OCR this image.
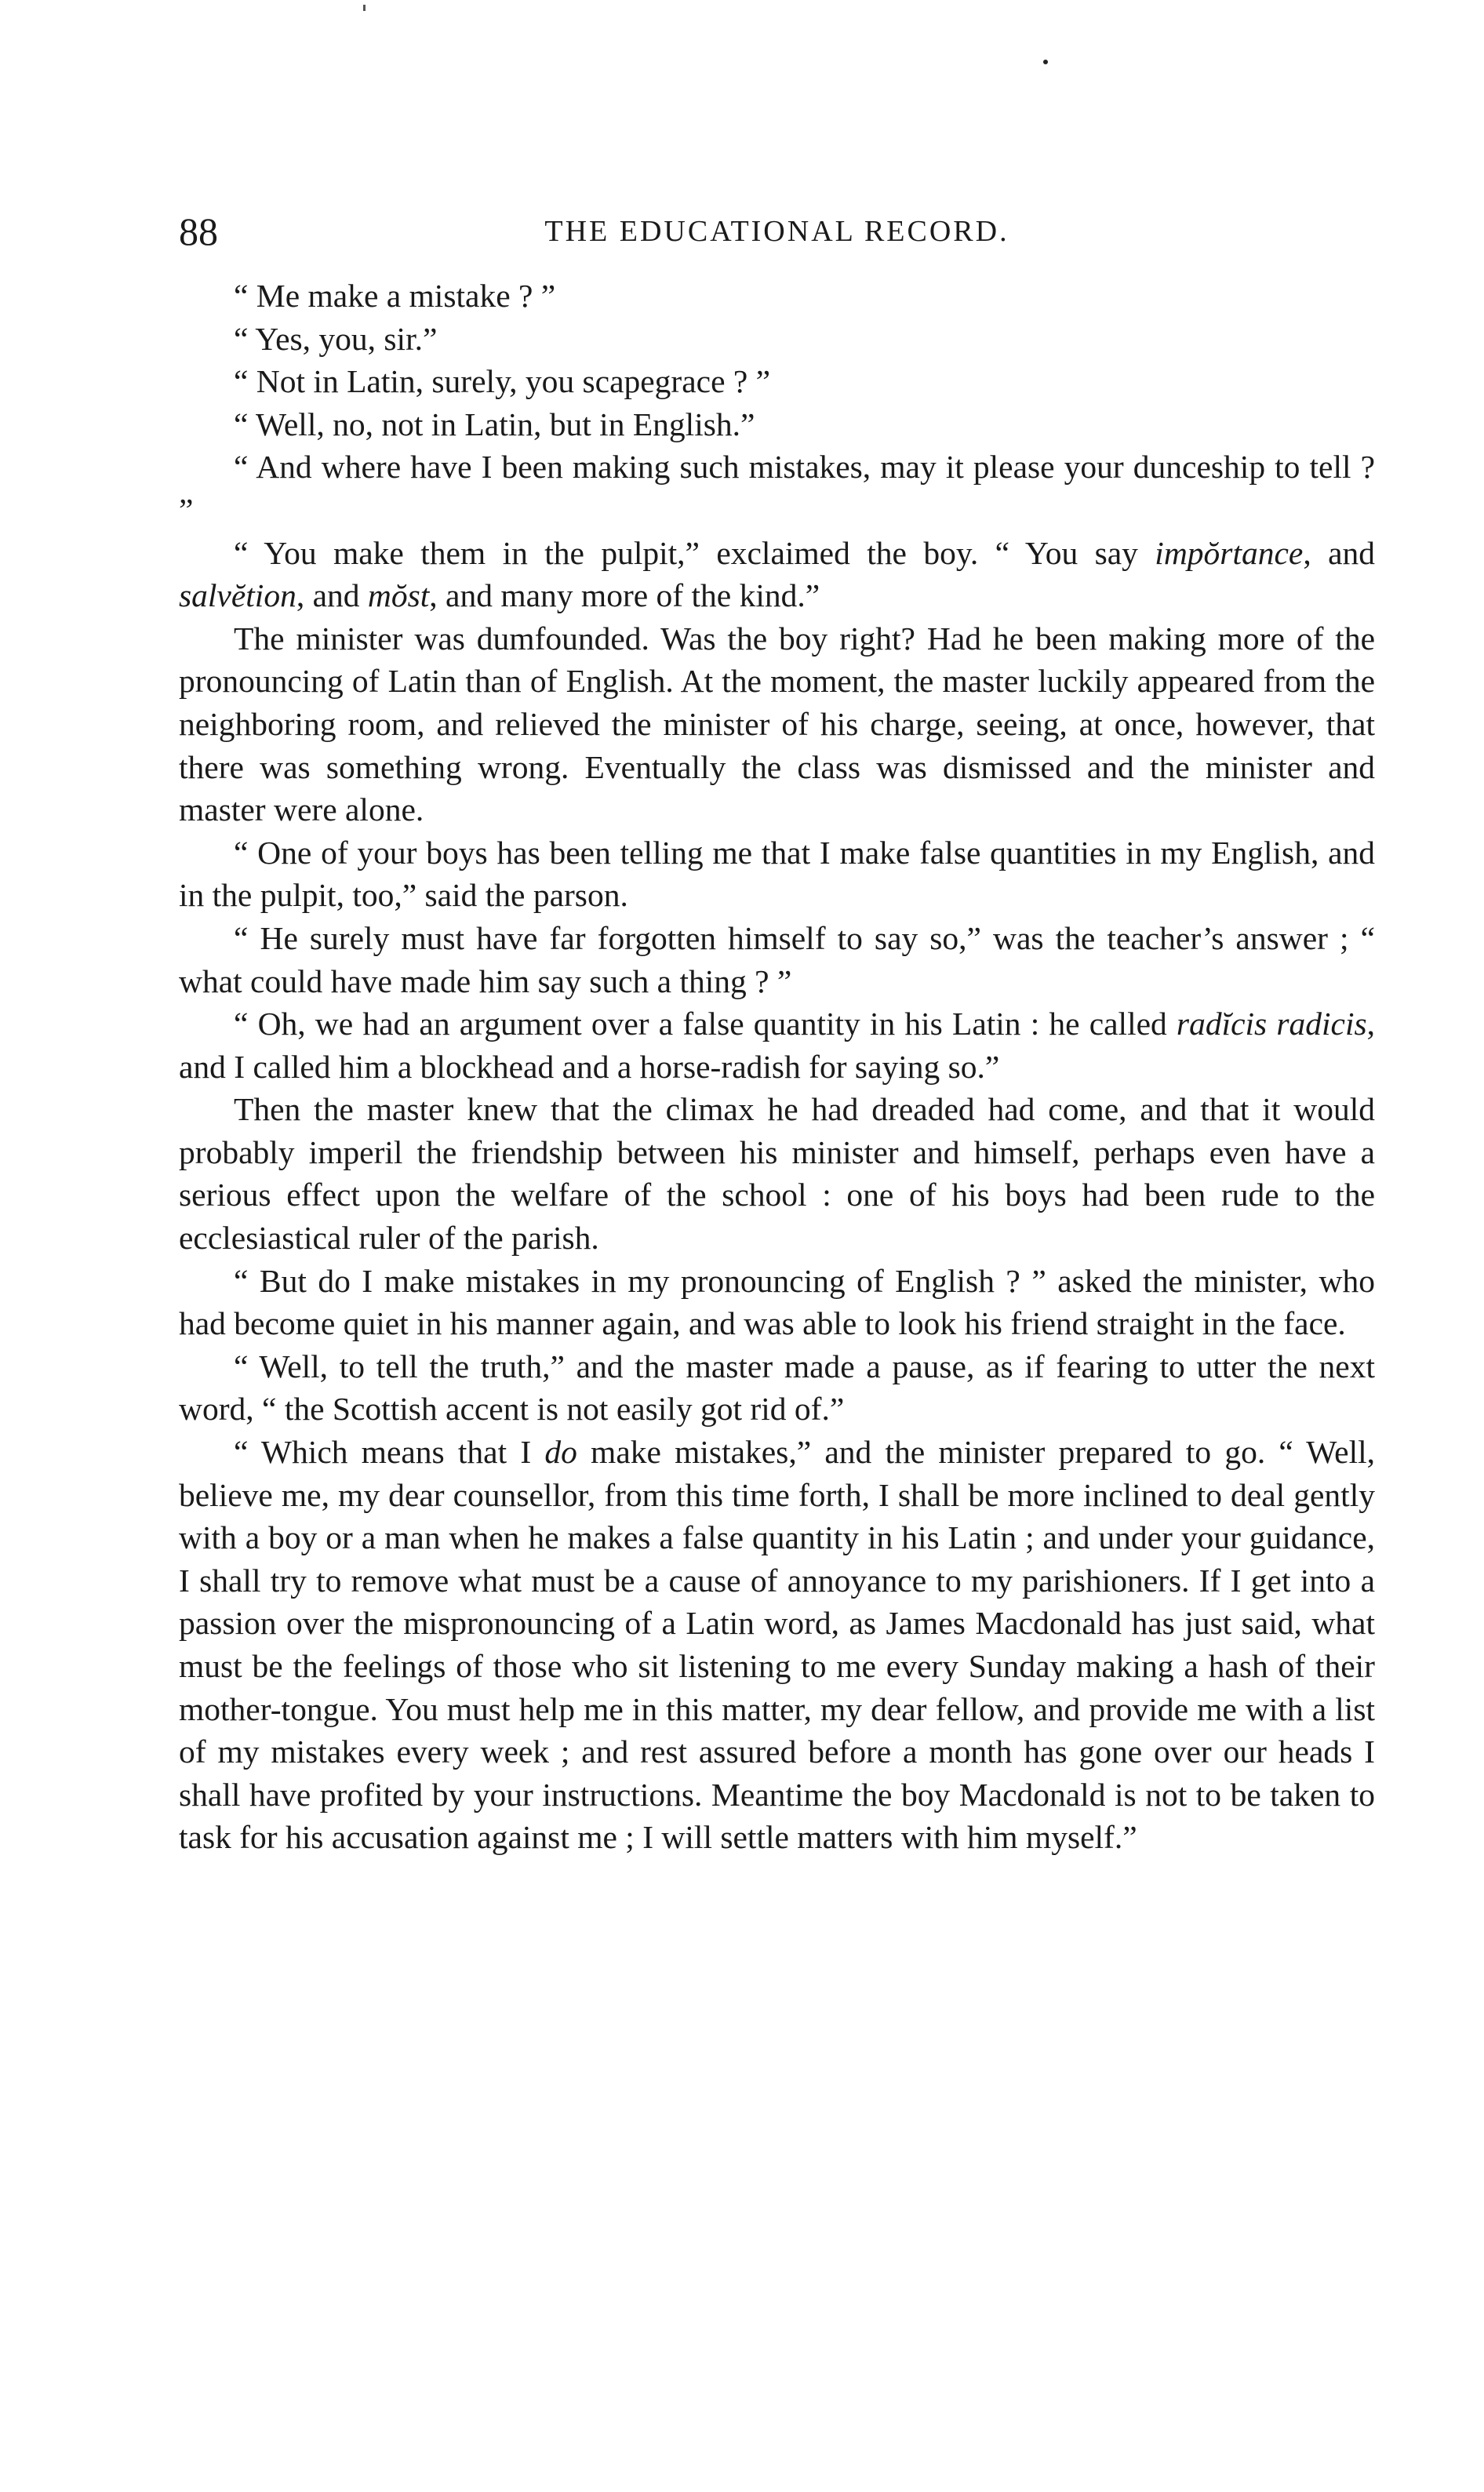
88	THE EDUCATIONAL RECORD.

“ Me make a mistake ? ”

“ Yes, you, sir.”

“ Not in Latin, surely, you scapegrace ? ”

“ Well, no, not in Latin, but in English.”

“ And where have I been making such mistakes, may it please your dunceship to tell ? ”

“ You make them in the pulpit,” exclaimed the boy. “ You say impŏrtance, and salvĕtion, and mŏst, and many more of the kind.”

The minister was dumfounded. Was the boy right? Had he been making more of the pronouncing of Latin than of English. At the moment, the master luckily appeared from the neighboring room, and relieved the minister of his charge, seeing, at once, however, that there was something wrong. Eventually the class was dismissed and the minister and master were alone.

“ One of your boys has been telling me that I make false quantities in my English, and in the pulpit, too,” said the parson.

“ He surely must have far forgotten himself to say so,” was the teacher’s answer ; “ what could have made him say such a thing ? ”

“ Oh, we had an argument over a false quantity in his Latin : he called radĭcis radicis, and I called him a blockhead and a horse-radish for saying so.”

Then the master knew that the climax he had dreaded had come, and that it would probably imperil the friendship between his minister and himself, perhaps even have a serious effect upon the welfare of the school : one of his boys had been rude to the ecclesiastical ruler of the parish.

“ But do I make mistakes in my pronouncing of English ? ” asked the minister, who had become quiet in his manner again, and was able to look his friend straight in the face.

“ Well, to tell the truth,” and the master made a pause, as if fearing to utter the next word, “ the Scottish accent is not easily got rid of.”

“ Which means that I do make mistakes,” and the minister prepared to go. “ Well, believe me, my dear counsellor, from this time forth, I shall be more inclined to deal gently with a boy or a man when he makes a false quantity in his Latin ; and under your guidance, I shall try to remove what must be a cause of annoyance to my parishioners. If I get into a passion over the mispronouncing of a Latin word, as James Macdonald has just said, what must be the feelings of those who sit listening to me every Sunday making a hash of their mother-tongue. You must help me in this matter, my dear fellow, and provide me with a list of my mistakes every week ; and rest assured before a month has gone over our heads I shall have profited by your instructions. Meantime the boy Macdonald is not to be taken to task for his accusation against me ; I will settle matters with him myself.”
